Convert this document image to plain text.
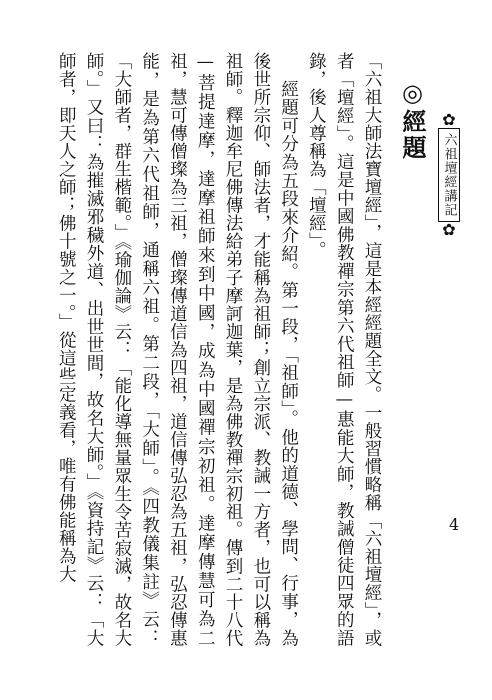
✿
六祖壇經講記
✿
◎經題

「六祖大師法寶壇經」，這是本經經題全文。一般習慣略稱「六祖壇經」，或者「壇經」。這是中國佛教禪宗第六代祖師—惠能大師，教誡僧徒四眾的語錄，後人尊稱為「壇經」。

經題可分為五段來介紹。第一段，「祖師」。他的道德、學問、行事，為後世所宗仰、師法者，才能稱為祖師；創立宗派、教誡一方者，也可以稱為祖師。釋迦牟尼佛傳法給弟子摩訶迦葉，是為佛教禪宗初祖。傳到二十八代—菩提達摩，達摩祖師來到中國，成為中國禪宗初祖。達摩傳慧可為二祖，慧可傳僧璨為三祖，僧璨傳道信為四祖，道信傳弘忍為五祖，弘忍傳惠能，是為第六代祖師，通稱六祖。第二段，「大師」。《四教儀集註》云：「大師者，群生楷範。」《瑜伽論》云：「能化導無量眾生令苦寂滅，故名大師。」又曰：為摧滅邪穢外道、出世世間，故名大師。」《資持記》云：「大師者，即天人之師；佛十號之一。」從這些定義看，唯有佛能稱為大	4
